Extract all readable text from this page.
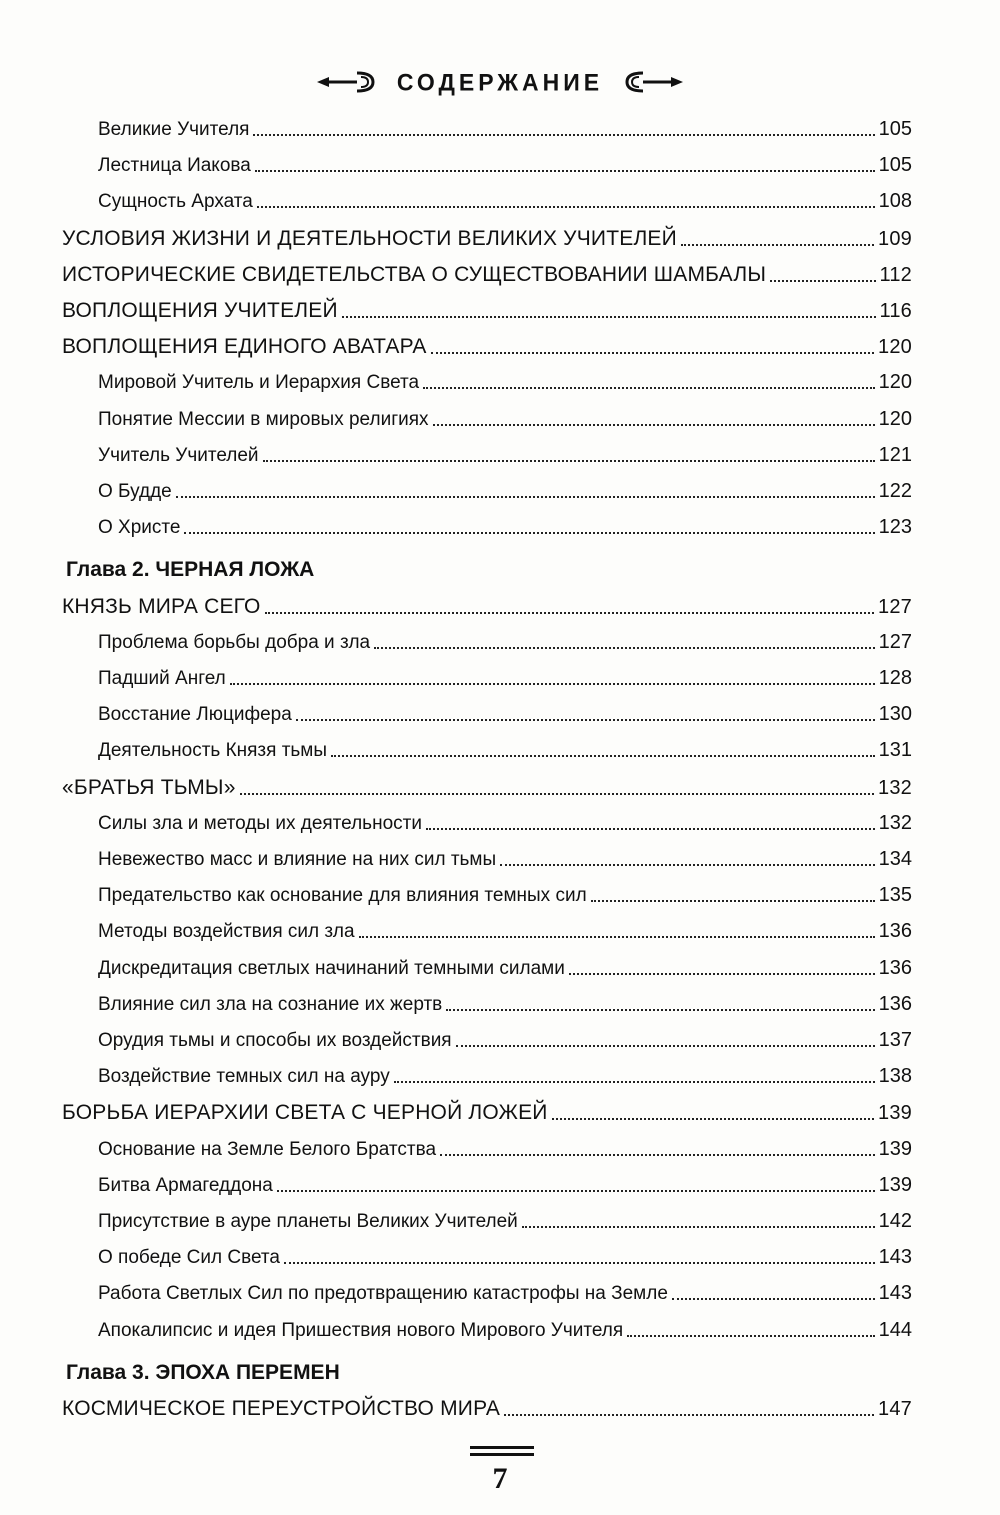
СОДЕРЖАНИЕ
Великие Учителя	105
Лестница Иакова	105
Сущность Архата	108
УСЛОВИЯ ЖИЗНИ И ДЕЯТЕЛЬНОСТИ ВЕЛИКИХ УЧИТЕЛЕЙ	109
ИСТОРИЧЕСКИЕ СВИДЕТЕЛЬСТВА О СУЩЕСТВОВАНИИ ШАМБАЛЫ	112
ВОПЛОЩЕНИЯ УЧИТЕЛЕЙ	116
ВОПЛОЩЕНИЯ ЕДИНОГО АВАТАРА	120
Мировой Учитель и Иерархия Света	120
Понятие Мессии в мировых религиях	120
Учитель Учителей	121
О Будде	122
О Христе	123
Глава 2. ЧЕРНАЯ ЛОЖА
КНЯЗЬ МИРА СЕГО	127
Проблема борьбы добра и зла	127
Падший Ангел	128
Восстание Люцифера	130
Деятельность Князя тьмы	131
«БРАТЬЯ ТЬМЫ»	132
Силы зла и методы их деятельности	132
Невежество масс и влияние на них сил тьмы	134
Предательство как основание для влияния темных сил	135
Методы воздействия сил зла	136
Дискредитация светлых начинаний темными силами	136
Влияние сил зла на сознание их жертв	136
Орудия тьмы и способы их воздействия	137
Воздействие темных сил на ауру	138
БОРЬБА ИЕРАРХИИ СВЕТА С ЧЕРНОЙ ЛОЖЕЙ	139
Основание на Земле Белого Братства	139
Битва Армагеддона	139
Присутствие в ауре планеты Великих Учителей	142
О победе Сил Света	143
Работа Светлых Сил по предотвращению катастрофы на Земле	143
Апокалипсис и идея Пришествия нового Мирового Учителя	144
Глава 3. ЭПОХА ПЕРЕМЕН
КОСМИЧЕСКОЕ ПЕРЕУСТРОЙСТВО МИРА	147
7
